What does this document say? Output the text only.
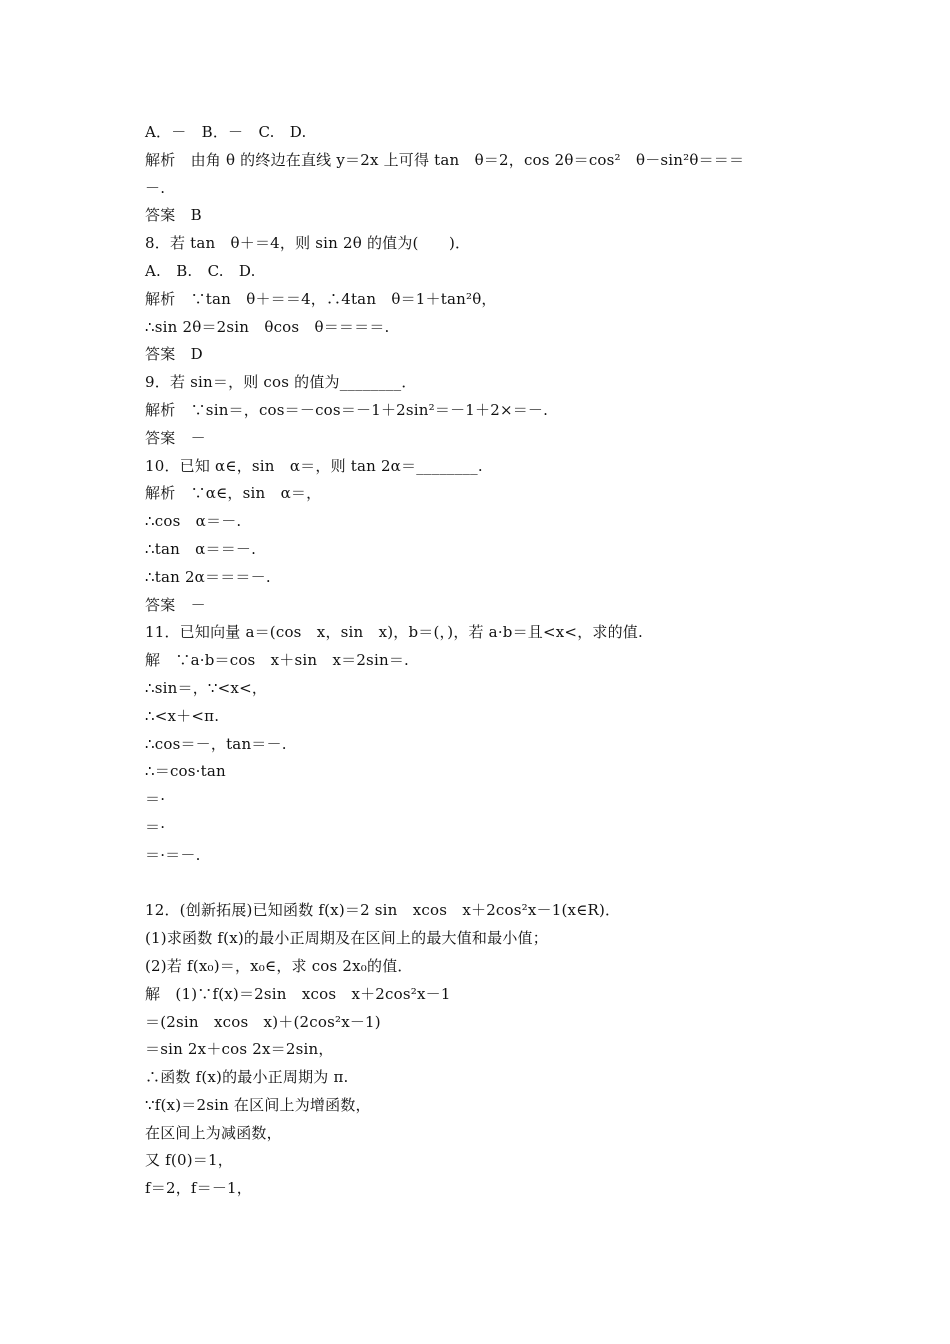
A．－　B．－　C.　D.
解析　由角 θ 的终边在直线 y＝2x 上可得 tan　θ＝2，cos 2θ＝cos²　θ－sin²θ＝＝＝
－.
答案　B
8．若 tan　θ＋＝4，则 sin 2θ 的值为(　　)．
A.　B.　C.　D.
解析　∵tan　θ＋＝＝4，∴4tan　θ＝1＋tan²θ，
∴sin 2θ＝2sin　θcos　θ＝＝＝＝.
答案　D
9．若 sin＝，则 cos 的值为________．
解析　∵sin＝，cos＝－cos＝－1＋2sin²＝－1＋2×＝－.
答案　－
10．已知 α∈，sin　α＝，则 tan 2α＝________.
解析　∵α∈，sin　α＝，
∴cos　α＝－.
∴tan　α＝＝－.
∴tan 2α＝＝＝－.
答案　－
11．已知向量 a＝(cos　x，sin　x)，b＝(，)，若 a·b＝且<x<，求的值.
解　∵a·b＝cos　x＋sin　x＝2sin＝.
∴sin＝，∵<x<，
∴<x＋<π.
∴cos＝－，tan＝－.
∴＝cos·tan
＝·
＝·
＝·＝－.
12．(创新拓展)已知函数 f(x)＝2 sin　xcos　x＋2cos²x－1(x∈R)．
(1)求函数 f(x)的最小正周期及在区间上的最大值和最小值；
(2)若 f(x₀)＝，x₀∈，求 cos 2x₀的值．
解　(1)∵f(x)＝2sin　xcos　x＋2cos²x－1
＝(2sin　xcos　x)＋(2cos²x－1)
＝sin 2x＋cos 2x＝2sin，
∴函数 f(x)的最小正周期为 π.
∵f(x)＝2sin 在区间上为增函数，
在区间上为减函数，
又 f(0)＝1，
f＝2，f＝－1，
